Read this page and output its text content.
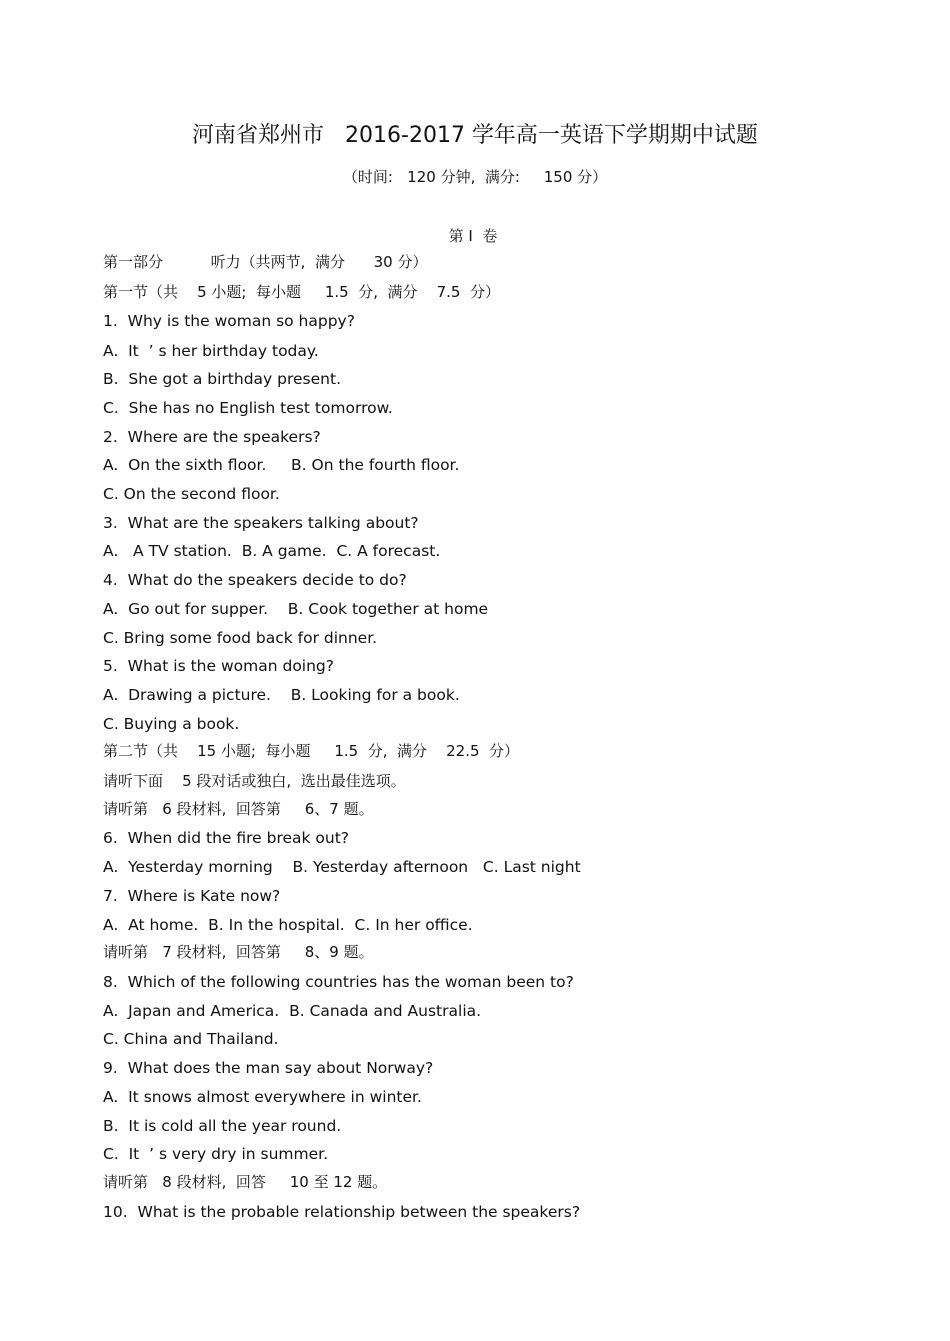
河南省郑州市   2016-2017 学年高一英语下学期期中试题
（时间:   120 分钟,  满分:     150 分）
第 I  卷
第一部分          听力（共两节,  满分      30 分）
第一节（共    5 小题;  每小题     1.5  分,  满分    7.5  分）
1.  Why is the woman so happy?
A.  It  ’ s her birthday today.
B.  She got a birthday present.
C.  She has no English test tomorrow.
2.  Where are the speakers?
A.  On the sixth floor.     B. On the fourth floor.
C. On the second floor.
3.  What are the speakers talking about?
A.   A TV station.  B. A game.  C. A forecast.
4.  What do the speakers decide to do?
A.  Go out for supper.    B. Cook together at home
C. Bring some food back for dinner.
5.  What is the woman doing?
A.  Drawing a picture.    B. Looking for a book.
C. Buying a book.
第二节（共    15 小题;  每小题     1.5  分,  满分    22.5  分）
请听下面    5 段对话或独白,  选出最佳选项。
请听第   6 段材料,  回答第     6、7 题。
6.  When did the fire break out?
A.  Yesterday morning    B. Yesterday afternoon   C. Last night
7.  Where is Kate now?
A.  At home.  B. In the hospital.  C. In her office.
请听第   7 段材料,  回答第     8、9 题。
8.  Which of the following countries has the woman been to?
A.  Japan and America.  B. Canada and Australia.
C. China and Thailand.
9.  What does the man say about Norway?
A.  It snows almost everywhere in winter.
B.  It is cold all the year round.
C.  It  ’ s very dry in summer.
请听第   8 段材料,  回答     10 至 12 题。
10.  What is the probable relationship between the speakers?
